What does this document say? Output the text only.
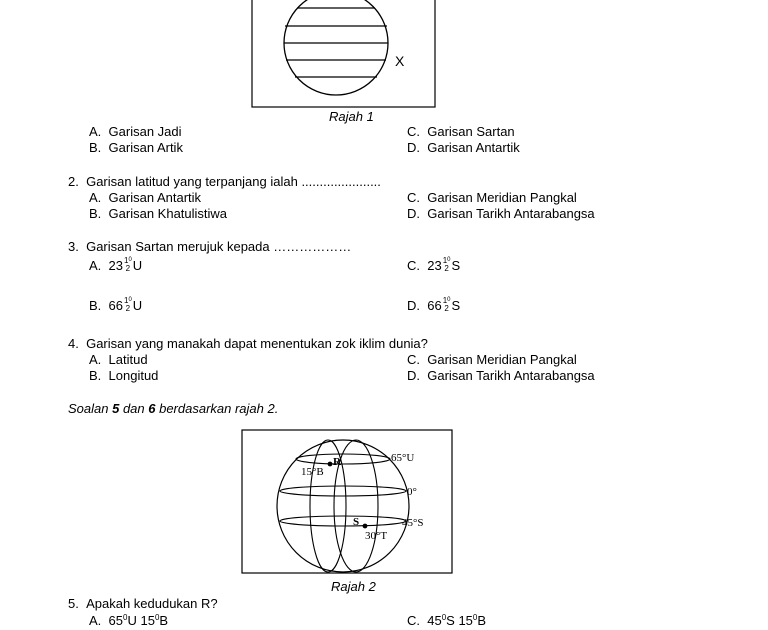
X
Rajah 1
A. Garisan Jadi
B. Garisan Artik
C. Garisan Sartan
D. Garisan Antartik
2. Garisan latitud yang terpanjang ialah ......................
A. Garisan Antartik
B. Garisan Khatulistiwa
C. Garisan Meridian Pangkal
D. Garisan Tarikh Antarabangsa
3. Garisan Sartan merujuk kepada ………………
A.
23 $1^0$
2 U
B.
66 $1^0$
2 U
C.
23 $1^0$
2 S
D.
66 $1^0$
2 S
4. Garisan yang manakah dapat menentukan zok iklim dunia?
A. Latitud
B. Longitud
C. Garisan Meridian Pangkal
D. Garisan Tarikh Antarabangsa
Soalan 5 dan 6 berdasarkan rajah 2.
R
S
65°U
15°B
0°
45°S
30°T
Rajah 2
5. Apakah kedudukan R?
A. $65^0U$ $15^0B$	C. $45^0S$ $15^0B$
